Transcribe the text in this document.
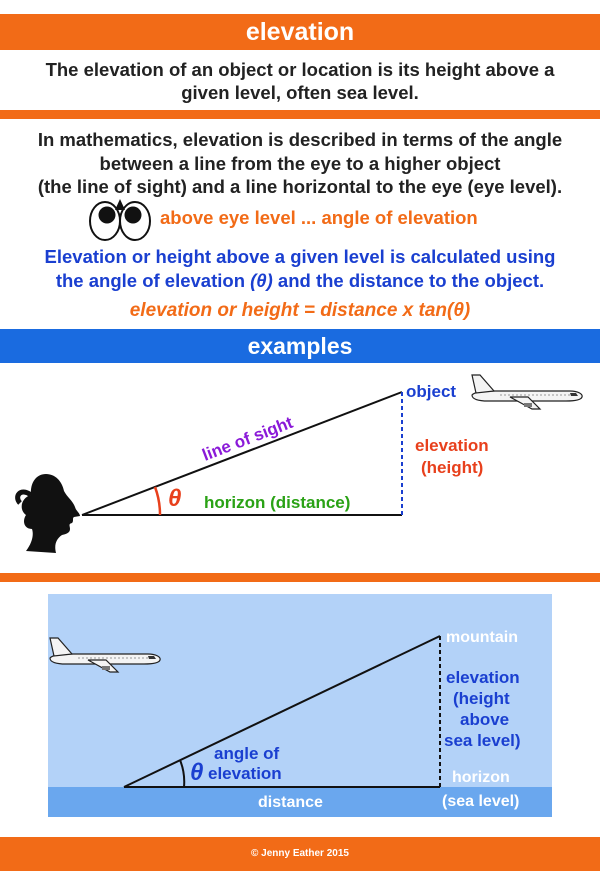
elevation
The elevation of an object or location is its height above a
given level, often sea level.
In mathematics, elevation is described in terms of the angle
between a line from the eye to a higher object
(the line of sight) and a line horizontal to the eye (eye level).
above eye level ... angle of elevation
Elevation or height above a given level is calculated using
the angle of elevation (θ) and the distance to the object.
elevation or height = distance x tan(θ)
examples
object
line of sight
θ horizon (distance)
elevation
(height)
mountain
elevation
(height
above
sea level)
angle of
θ elevation	horizon
(sea level)
distance
© Jenny Eather 2015
